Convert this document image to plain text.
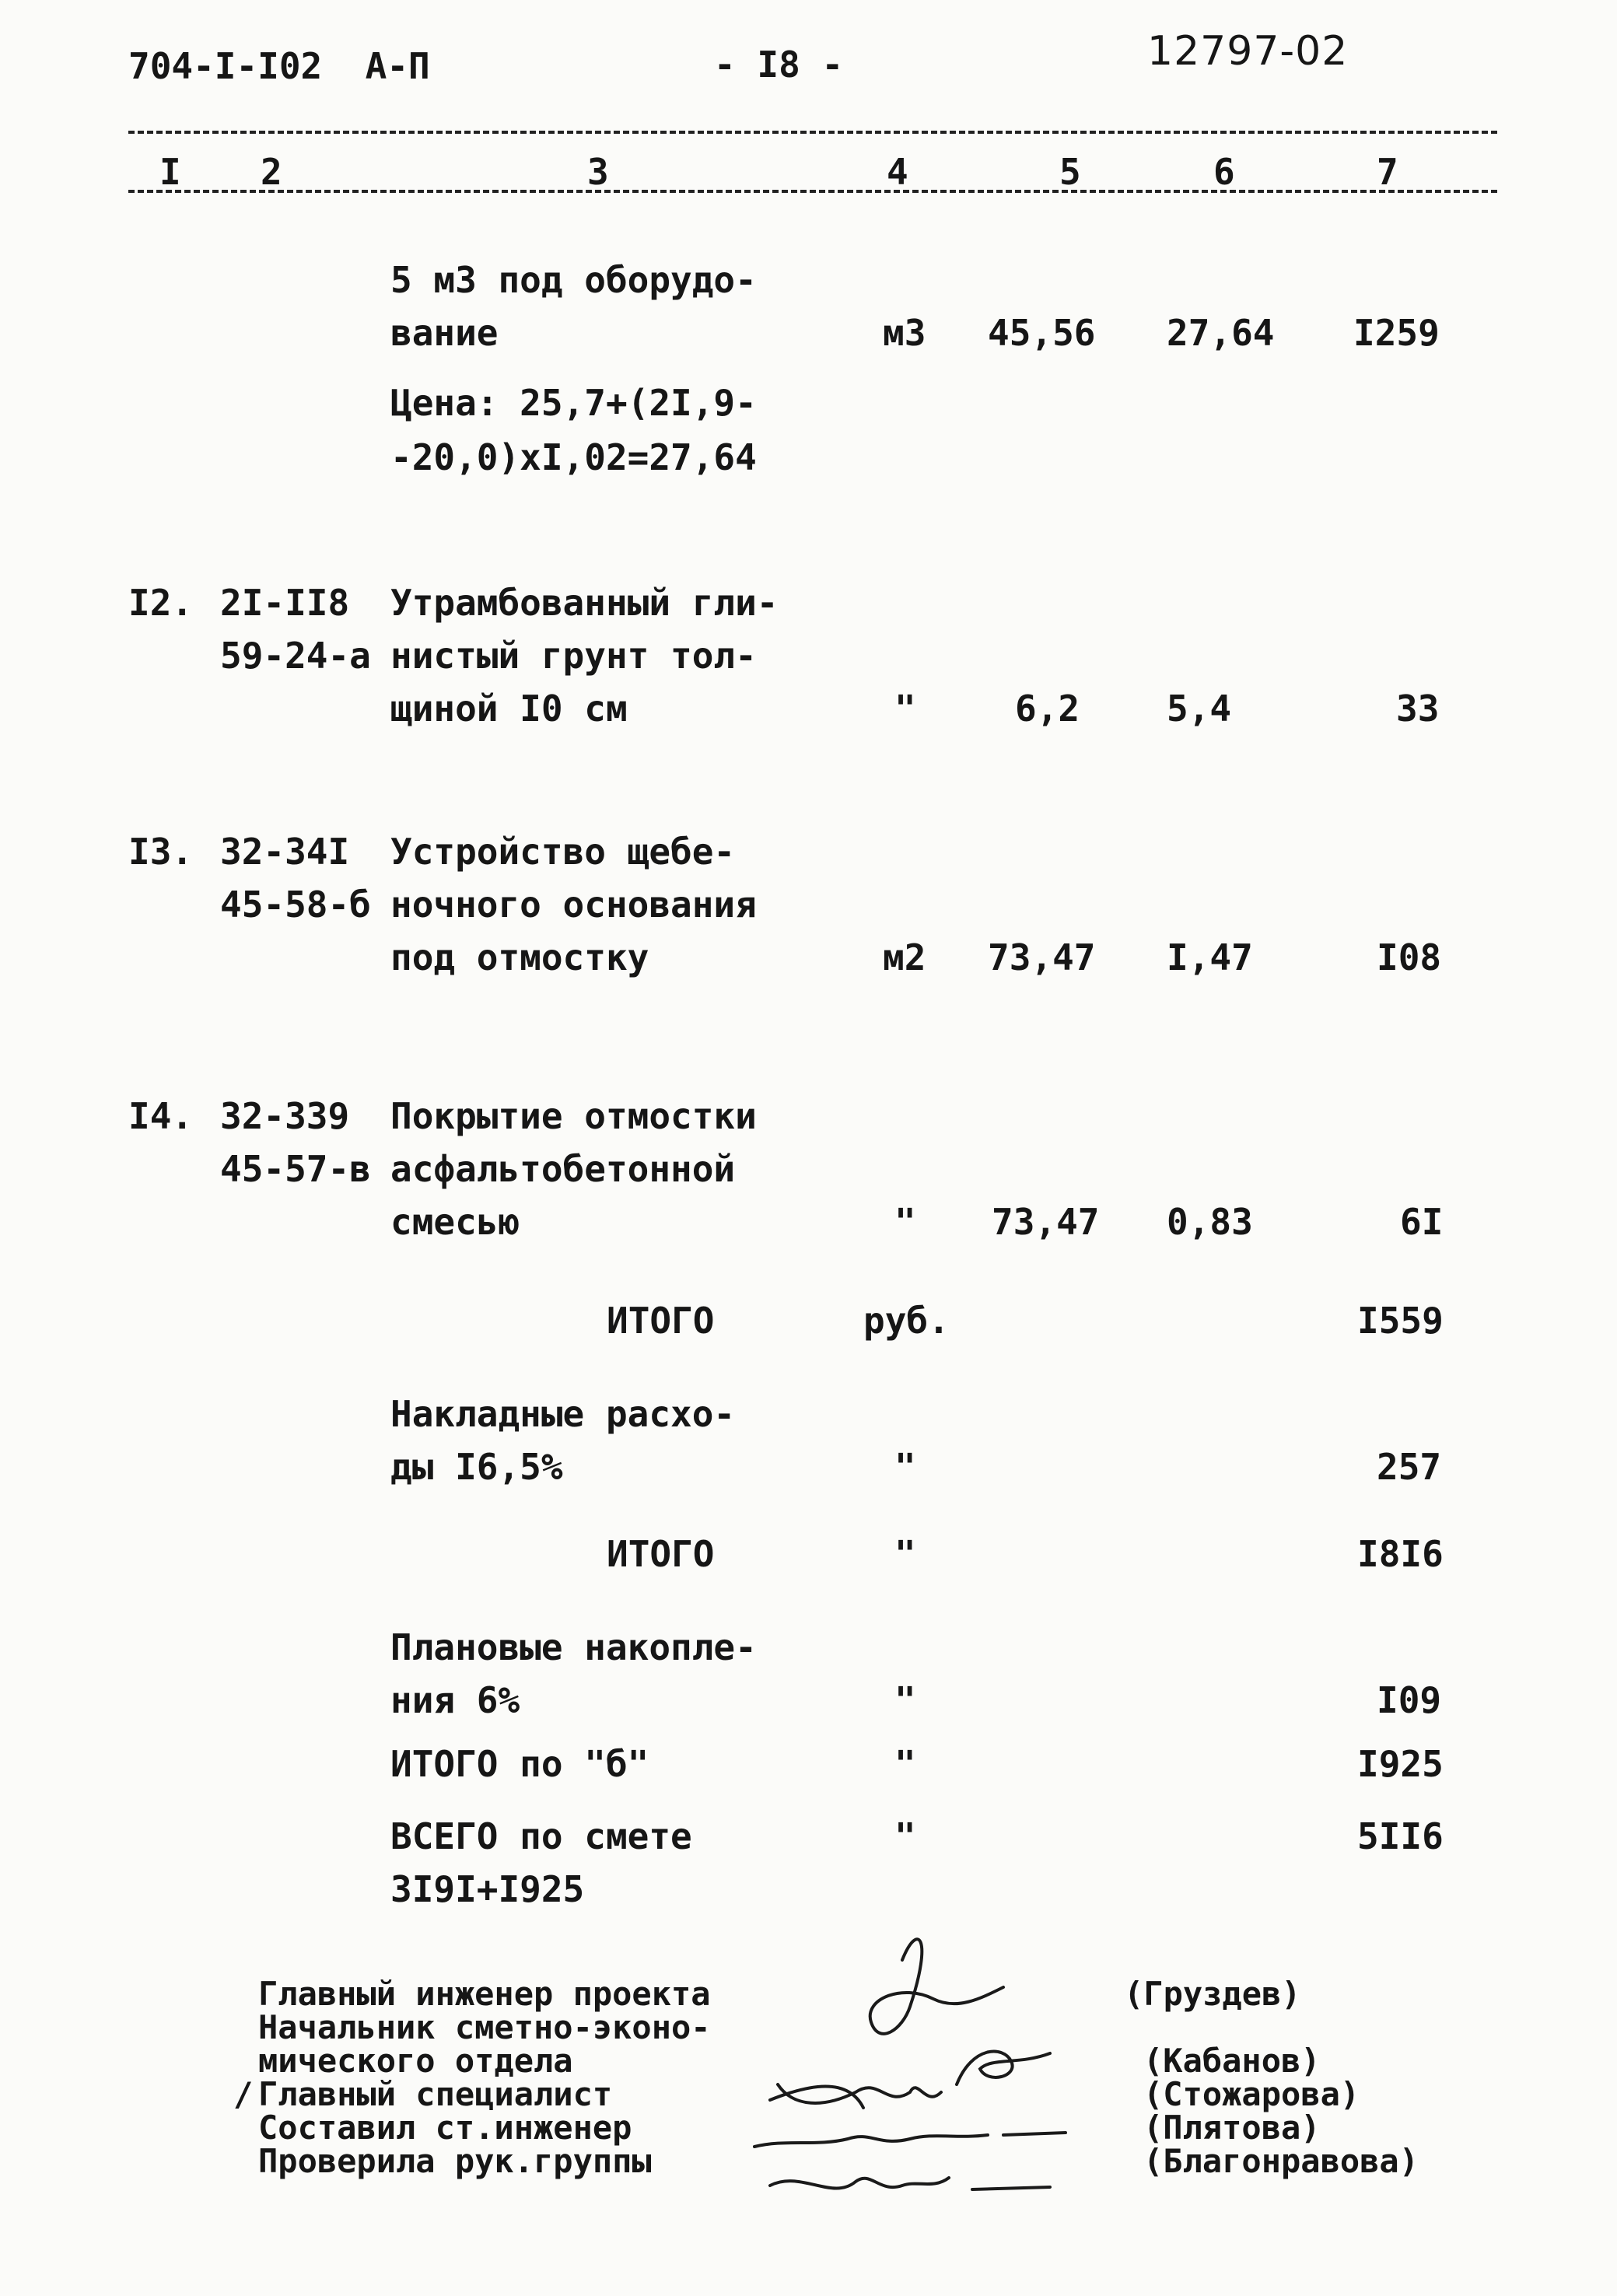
704-I-I02  А-П	- I8 -	12797-02
I 2	3	4	5	6	7
5 м3 под оборудо-
вание	м3 45,56 27,64 I259
Цена: 25,7+(2I,9-
-20,0)xI,02=27,64
I2. 2I-II8
59-24-а
Утрамбованный гли-
нистый грунт тол-
щиной I0 см	"	6,2 5,4	33
I3. 32-34I
45-58-б
Устройство щебе-
ночного основания
под отмостку	м2 73,47 I,47	I08
I4. 32-339
45-57-в
Покрытие отмостки
асфальтобетонной
смесью	" 73,47 0,83	6I
ИТОГО	руб.	I559
Накладные расхо-
ды I6,5%	"	257
ИТОГО	"	I8I6
Плановые накопле-
ния 6%	"	I09
ИТОГО по "б"	"	I925
ВСЕГО по смете
3I9I+I925
"	5II6
Главный инженер проекта
Начальник сметно-эконо-
мического отдела
/ Главный специалист
Составил ст.инженер
Проверила рук.группы
(Груздев)
(Кабанов)
(Стожарова)
(Плятова)
(Благонравова)
